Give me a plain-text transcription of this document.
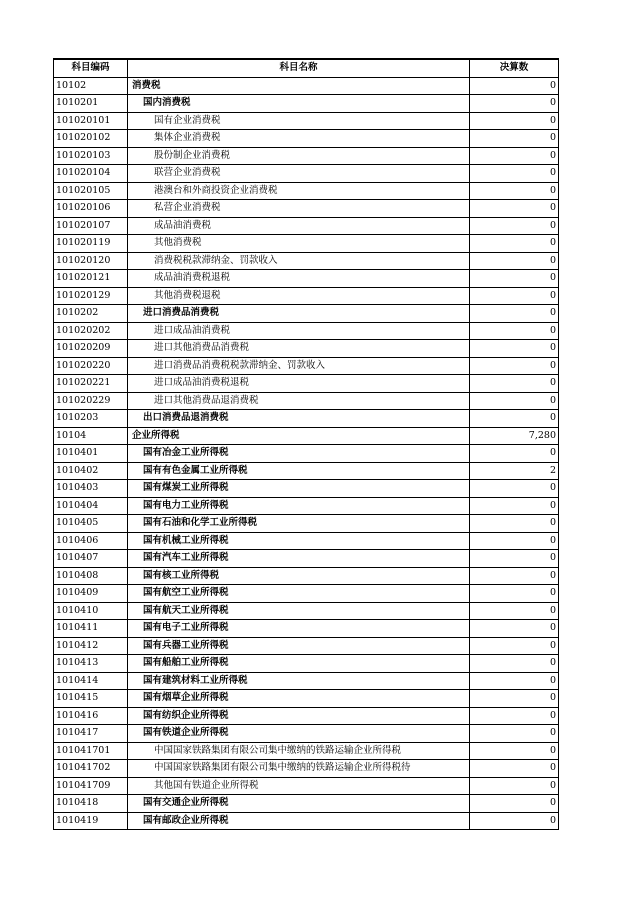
科目编码	科目名称	决算数
10102	消费税	0
1010201	国内消费税	0
101020101	国有企业消费税	0
101020102	集体企业消费税	0
101020103	股份制企业消费税	0
101020104	联营企业消费税	0
101020105	港澳台和外商投资企业消费税	0
101020106	私营企业消费税	0
101020107	成品油消费税	0
101020119	其他消费税	0
101020120	消费税税款滞纳金、罚款收入	0
101020121	成品油消费税退税	0
101020129	其他消费税退税	0
1010202	进口消费品消费税	0
101020202	进口成品油消费税	0
101020209	进口其他消费品消费税	0
101020220	进口消费品消费税税款滞纳金、罚款收入	0
101020221	进口成品油消费税退税	0
101020229	进口其他消费品退消费税	0
1010203	出口消费品退消费税	0
10104	企业所得税	7,280
1010401	国有冶金工业所得税	0
1010402	国有有色金属工业所得税	2
1010403	国有煤炭工业所得税	0
1010404	国有电力工业所得税	0
1010405	国有石油和化学工业所得税	0
1010406	国有机械工业所得税	0
1010407	国有汽车工业所得税	0
1010408	国有核工业所得税	0
1010409	国有航空工业所得税	0
1010410	国有航天工业所得税	0
1010411	国有电子工业所得税	0
1010412	国有兵器工业所得税	0
1010413	国有船舶工业所得税	0
1010414	国有建筑材料工业所得税	0
1010415	国有烟草企业所得税	0
1010416	国有纺织企业所得税	0
1010417	国有铁道企业所得税	0
101041701	中国国家铁路集团有限公司集中缴纳的铁路运输企业所得税	0
101041702	中国国家铁路集团有限公司集中缴纳的铁路运输企业所得税待	0
101041709	其他国有铁道企业所得税	0
1010418	国有交通企业所得税	0
1010419	国有邮政企业所得税	0
